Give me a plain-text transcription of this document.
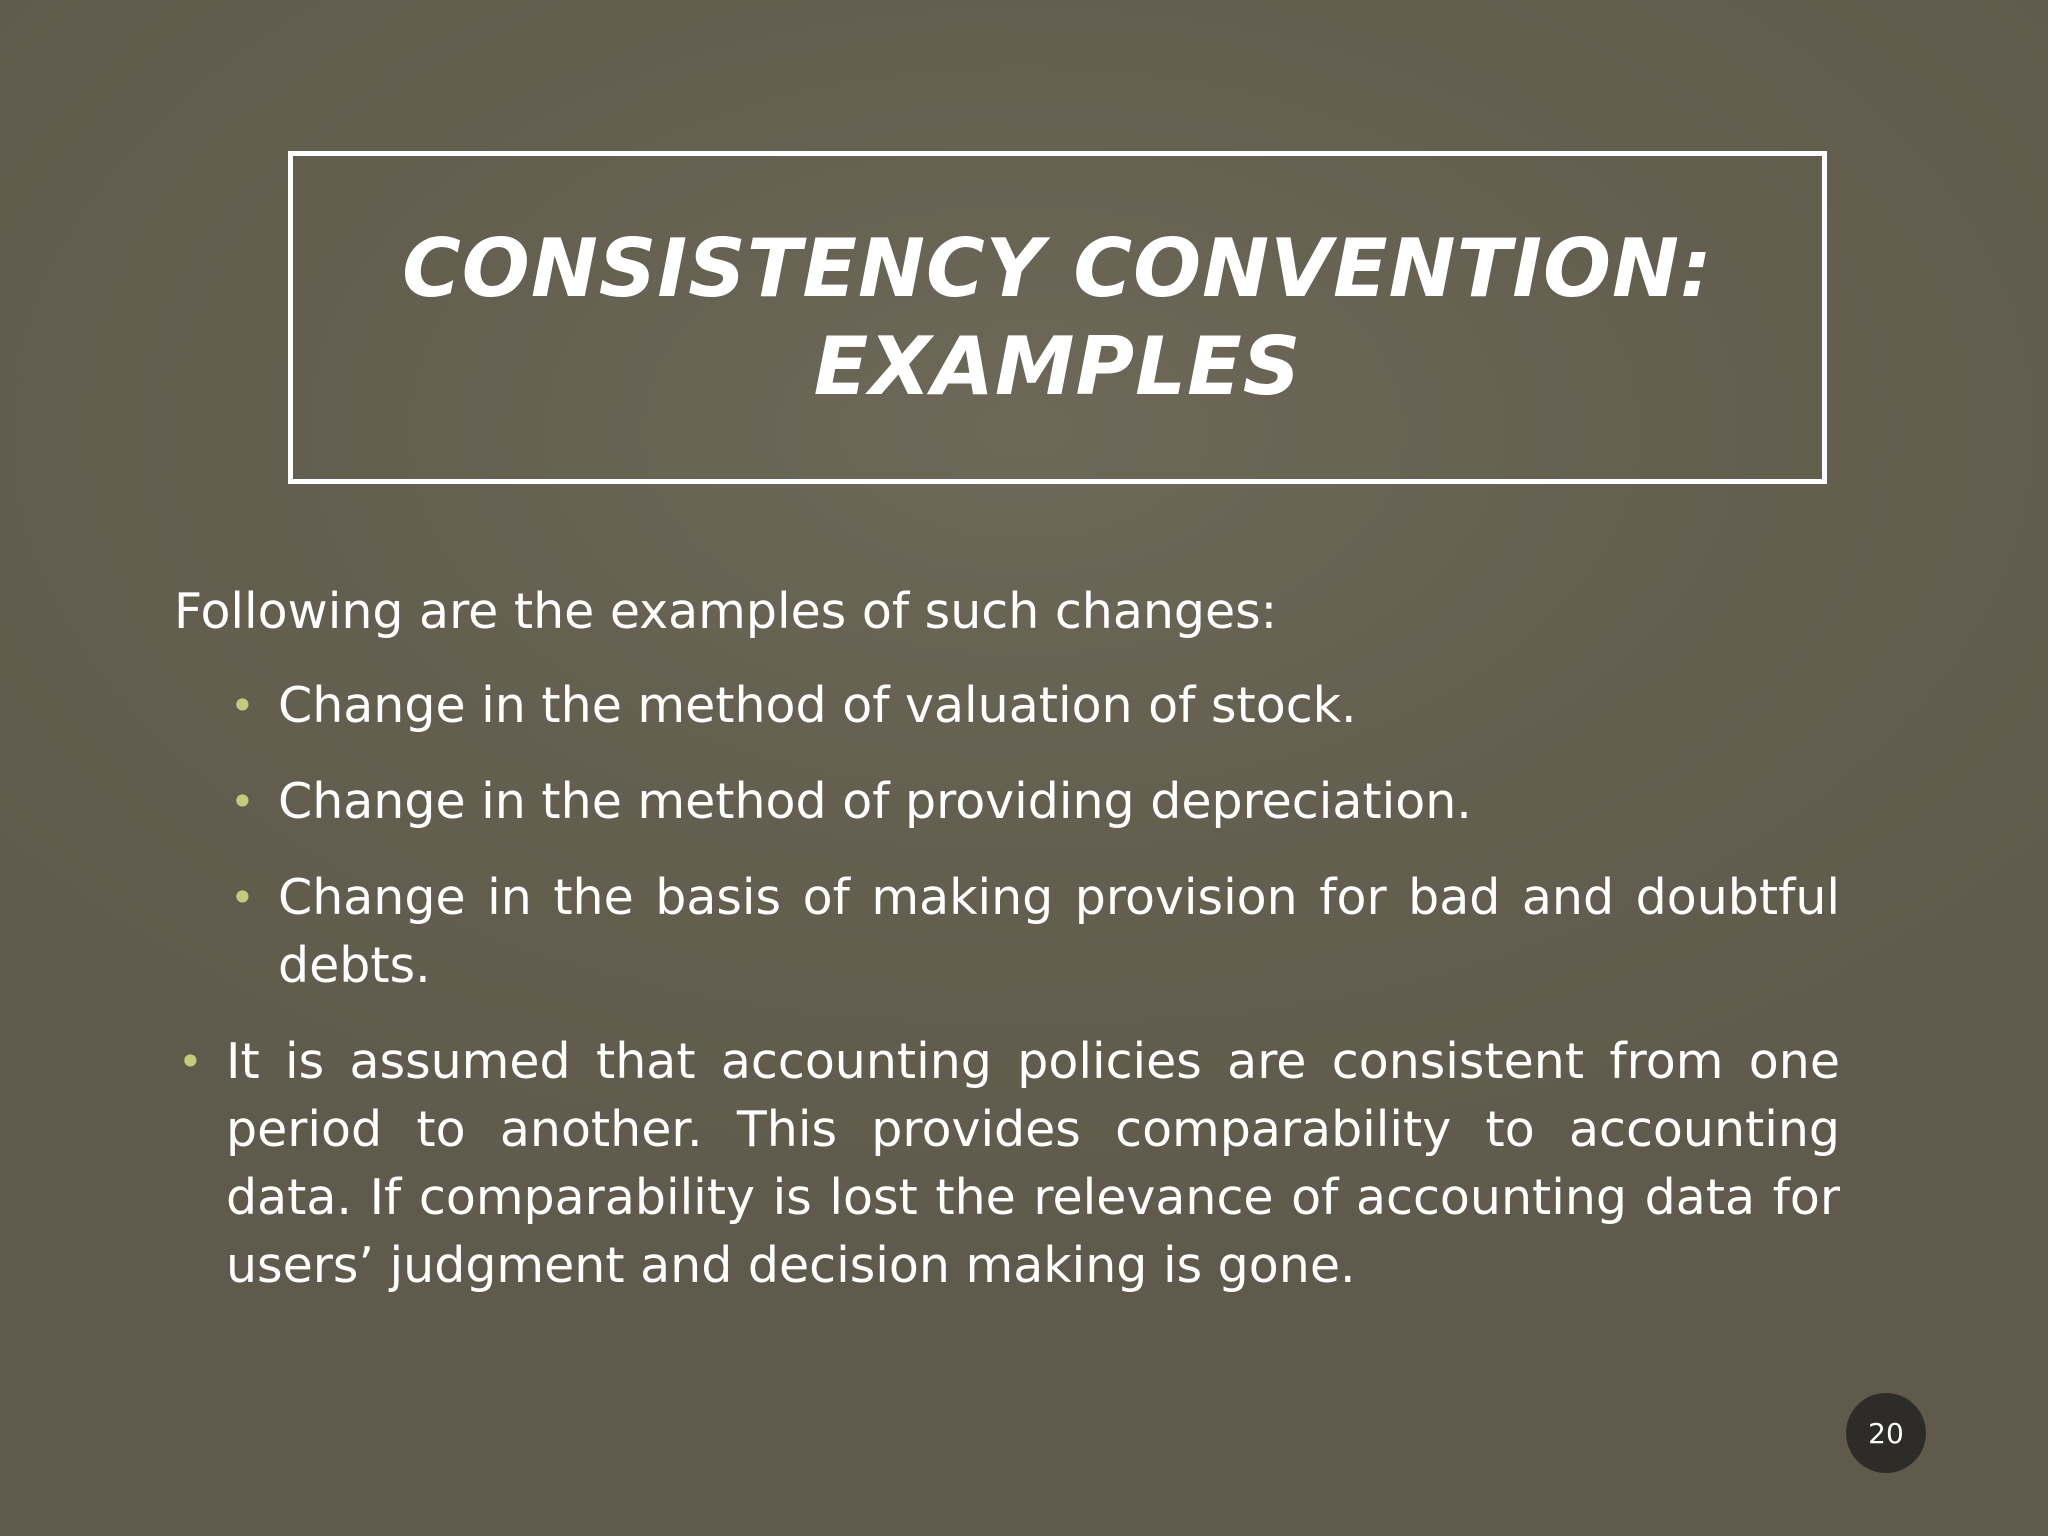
CONSISTENCY CONVENTION:
EXAMPLES

Following are the examples of such changes:

• Change in the method of valuation of stock.
• Change in the method of providing depreciation.
• Change in the basis of making provision for bad and doubtful debts.
• It is assumed that accounting policies are consistent from one period to another. This provides comparability to accounting data. If comparability is lost the relevance of accounting data for users’ judgment and decision making is gone.
20
